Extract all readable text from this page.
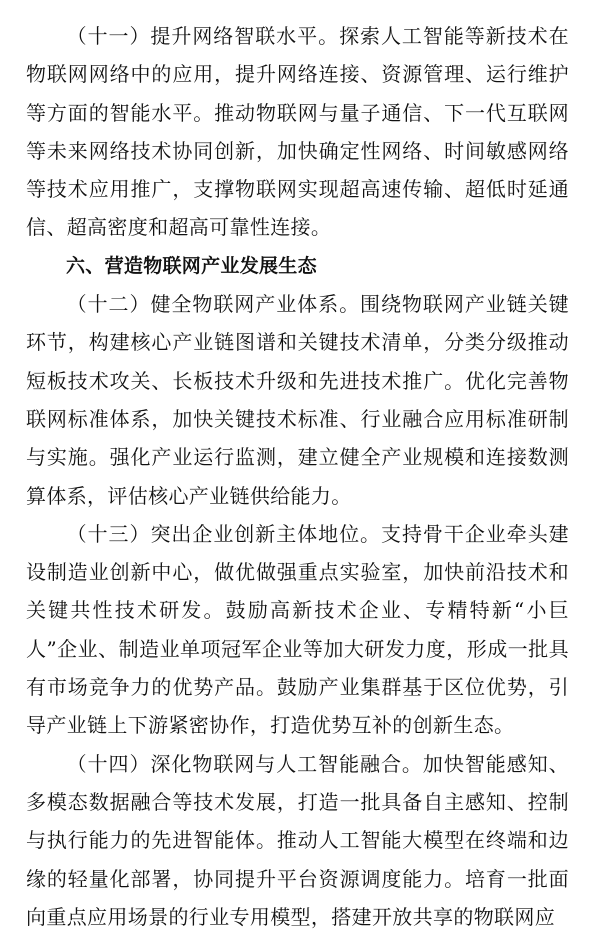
（十一）提升网络智联水平。探索人工智能等新技术在物联网网络中的应用，提升网络连接、资源管理、运行维护等方面的智能水平。推动物联网与量子通信、下一代互联网等未来网络技术协同创新，加快确定性网络、时间敏感网络等技术应用推广，支撑物联网实现超高速传输、超低时延通信、超高密度和超高可靠性连接。

六、营造物联网产业发展生态

（十二）健全物联网产业体系。围绕物联网产业链关键环节，构建核心产业链图谱和关键技术清单，分类分级推动短板技术攻关、长板技术升级和先进技术推广。优化完善物联网标准体系，加快关键技术标准、行业融合应用标准研制与实施。强化产业运行监测，建立健全产业规模和连接数测算体系，评估核心产业链供给能力。

（十三）突出企业创新主体地位。支持骨干企业牵头建设制造业创新中心，做优做强重点实验室，加快前沿技术和关键共性技术研发。鼓励高新技术企业、专精特新“小巨人”企业、制造业单项冠军企业等加大研发力度，形成一批具有市场竞争力的优势产品。鼓励产业集群基于区位优势，引导产业链上下游紧密协作，打造优势互补的创新生态。

（十四）深化物联网与人工智能融合。加快智能感知、多模态数据融合等技术发展，打造一批具备自主感知、控制与执行能力的先进智能体。推动人工智能大模型在终端和边缘的轻量化部署，协同提升平台资源调度能力。培育一批面向重点应用场景的行业专用模型，搭建开放共享的物联网应
